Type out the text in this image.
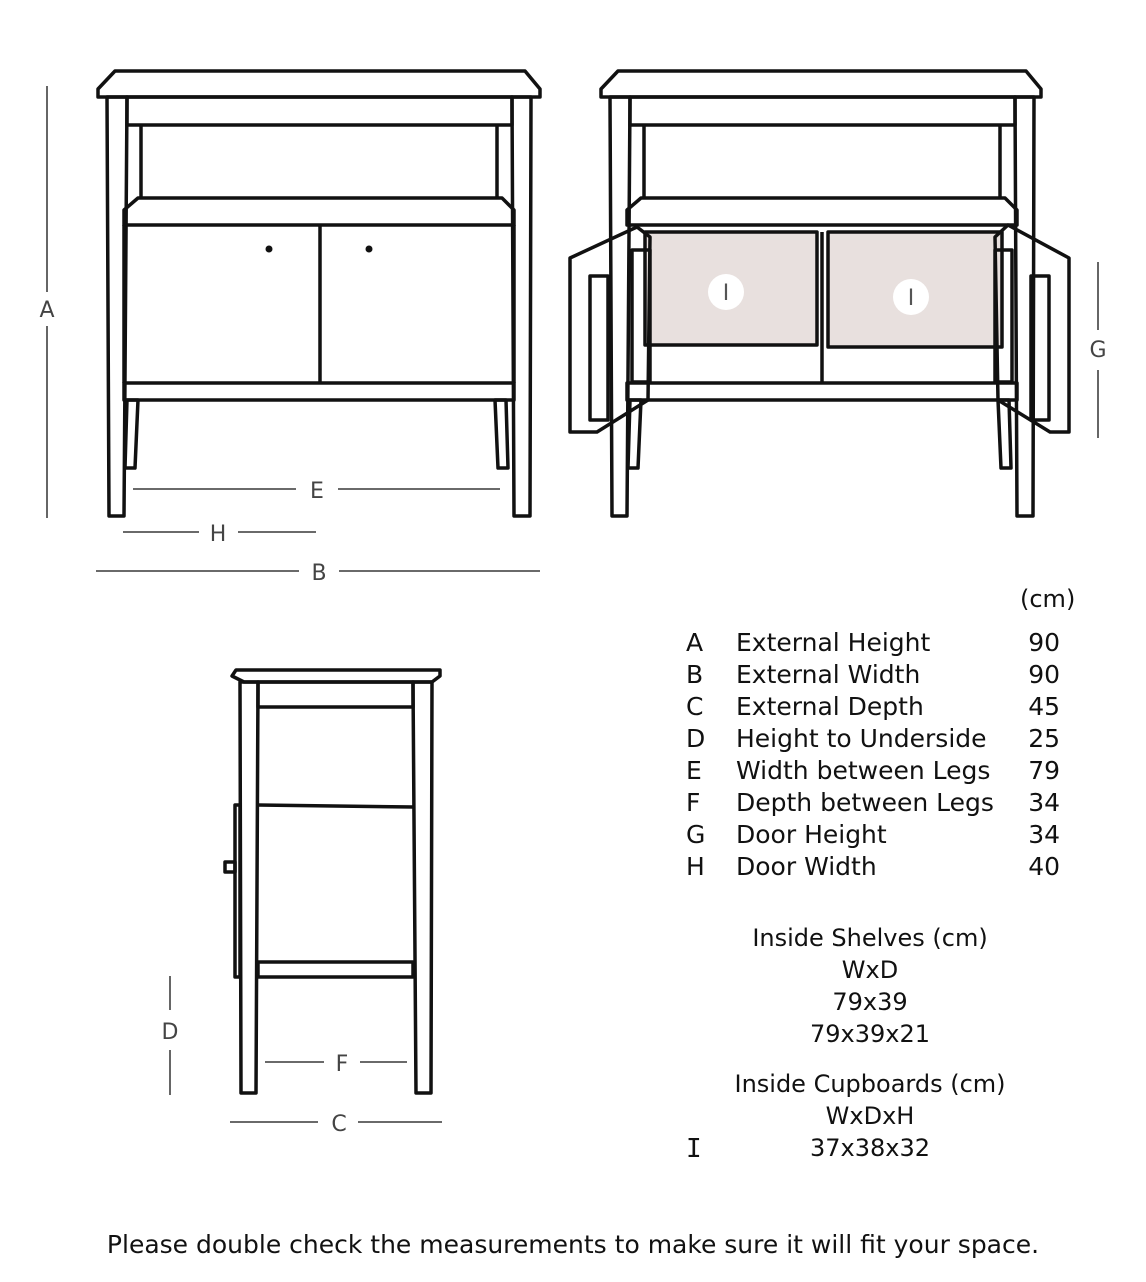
I	I
A
E
H
B
G
D
F
C
(cm)
A External Height	90
B External Width	90
C External Depth	45
D Height to Underside 25
E Width between Legs 79
F Depth between Legs 34
G Door Height	34
H Door Width	40
Inside Shelves (cm)
WxD
79x39
79x39x21
Inside Cupboards (cm)
WxDxH
I	37x38x32
Please double check the measurements to make sure it will fit your space.
